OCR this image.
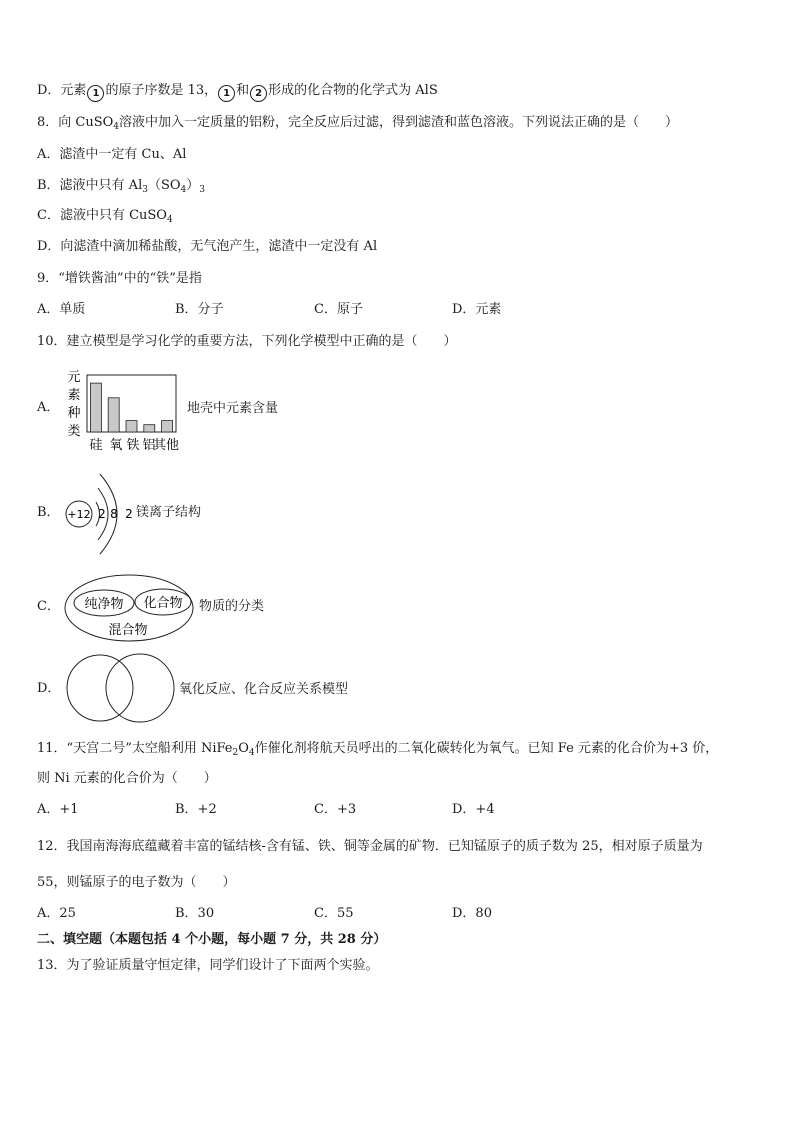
D．元素 1 的原子序数是 13， 1 和 2 形成的化合物的化学式为 AlS
8．向 CuSO$_4$溶液中加入一定质量的铝粉，完全反应后过滤，得到滤渣和蓝色溶液。下列说法正确的是（　　）
A．滤渣中一定有 Cu、Al
B．滤液中只有 $Al_3(SO_4)_3$
C．滤液中只有 CuSO$_4$
D．向滤渣中滴加稀盐酸，无气泡产生，滤渣中一定没有 Al
9．“增铁酱油”中的“铁”是指
A．单质	B．分子	C．原子	D．元素
10．建立模型是学习化学的重要方法，下列化学模型中正确的是（　　）
A．
元
素
种
类
硅 氧 铁 铝
其他
地壳中元素含量
B． +12 2 8 2 镁离子结构
C． 纯净物 化合物
混合物
物质的分类
D．	氧化反应、化合反应关系模型
11．“天宫二号”太空船利用 $NiFe_2O_4$作催化剂将航天员呼出的二氧化碳转化为氧气。已知 Fe 元素的化合价为+3 价，
则 Ni 元素的化合价为（　　）
A．+1	B．+2	C．+3	D．+4
12．我国南海海底蕴藏着丰富的锰结核-含有锰、铁、铜等金属的矿物．已知锰原子的质子数为 25，相对原子质量为
55，则锰原子的电子数为（　　）
A．25	B．30	C．55	D．80
二、填空题（本题包括 4 个小题，每小题 7 分，共 28 分）
13．为了验证质量守恒定律，同学们设计了下面两个实验。
